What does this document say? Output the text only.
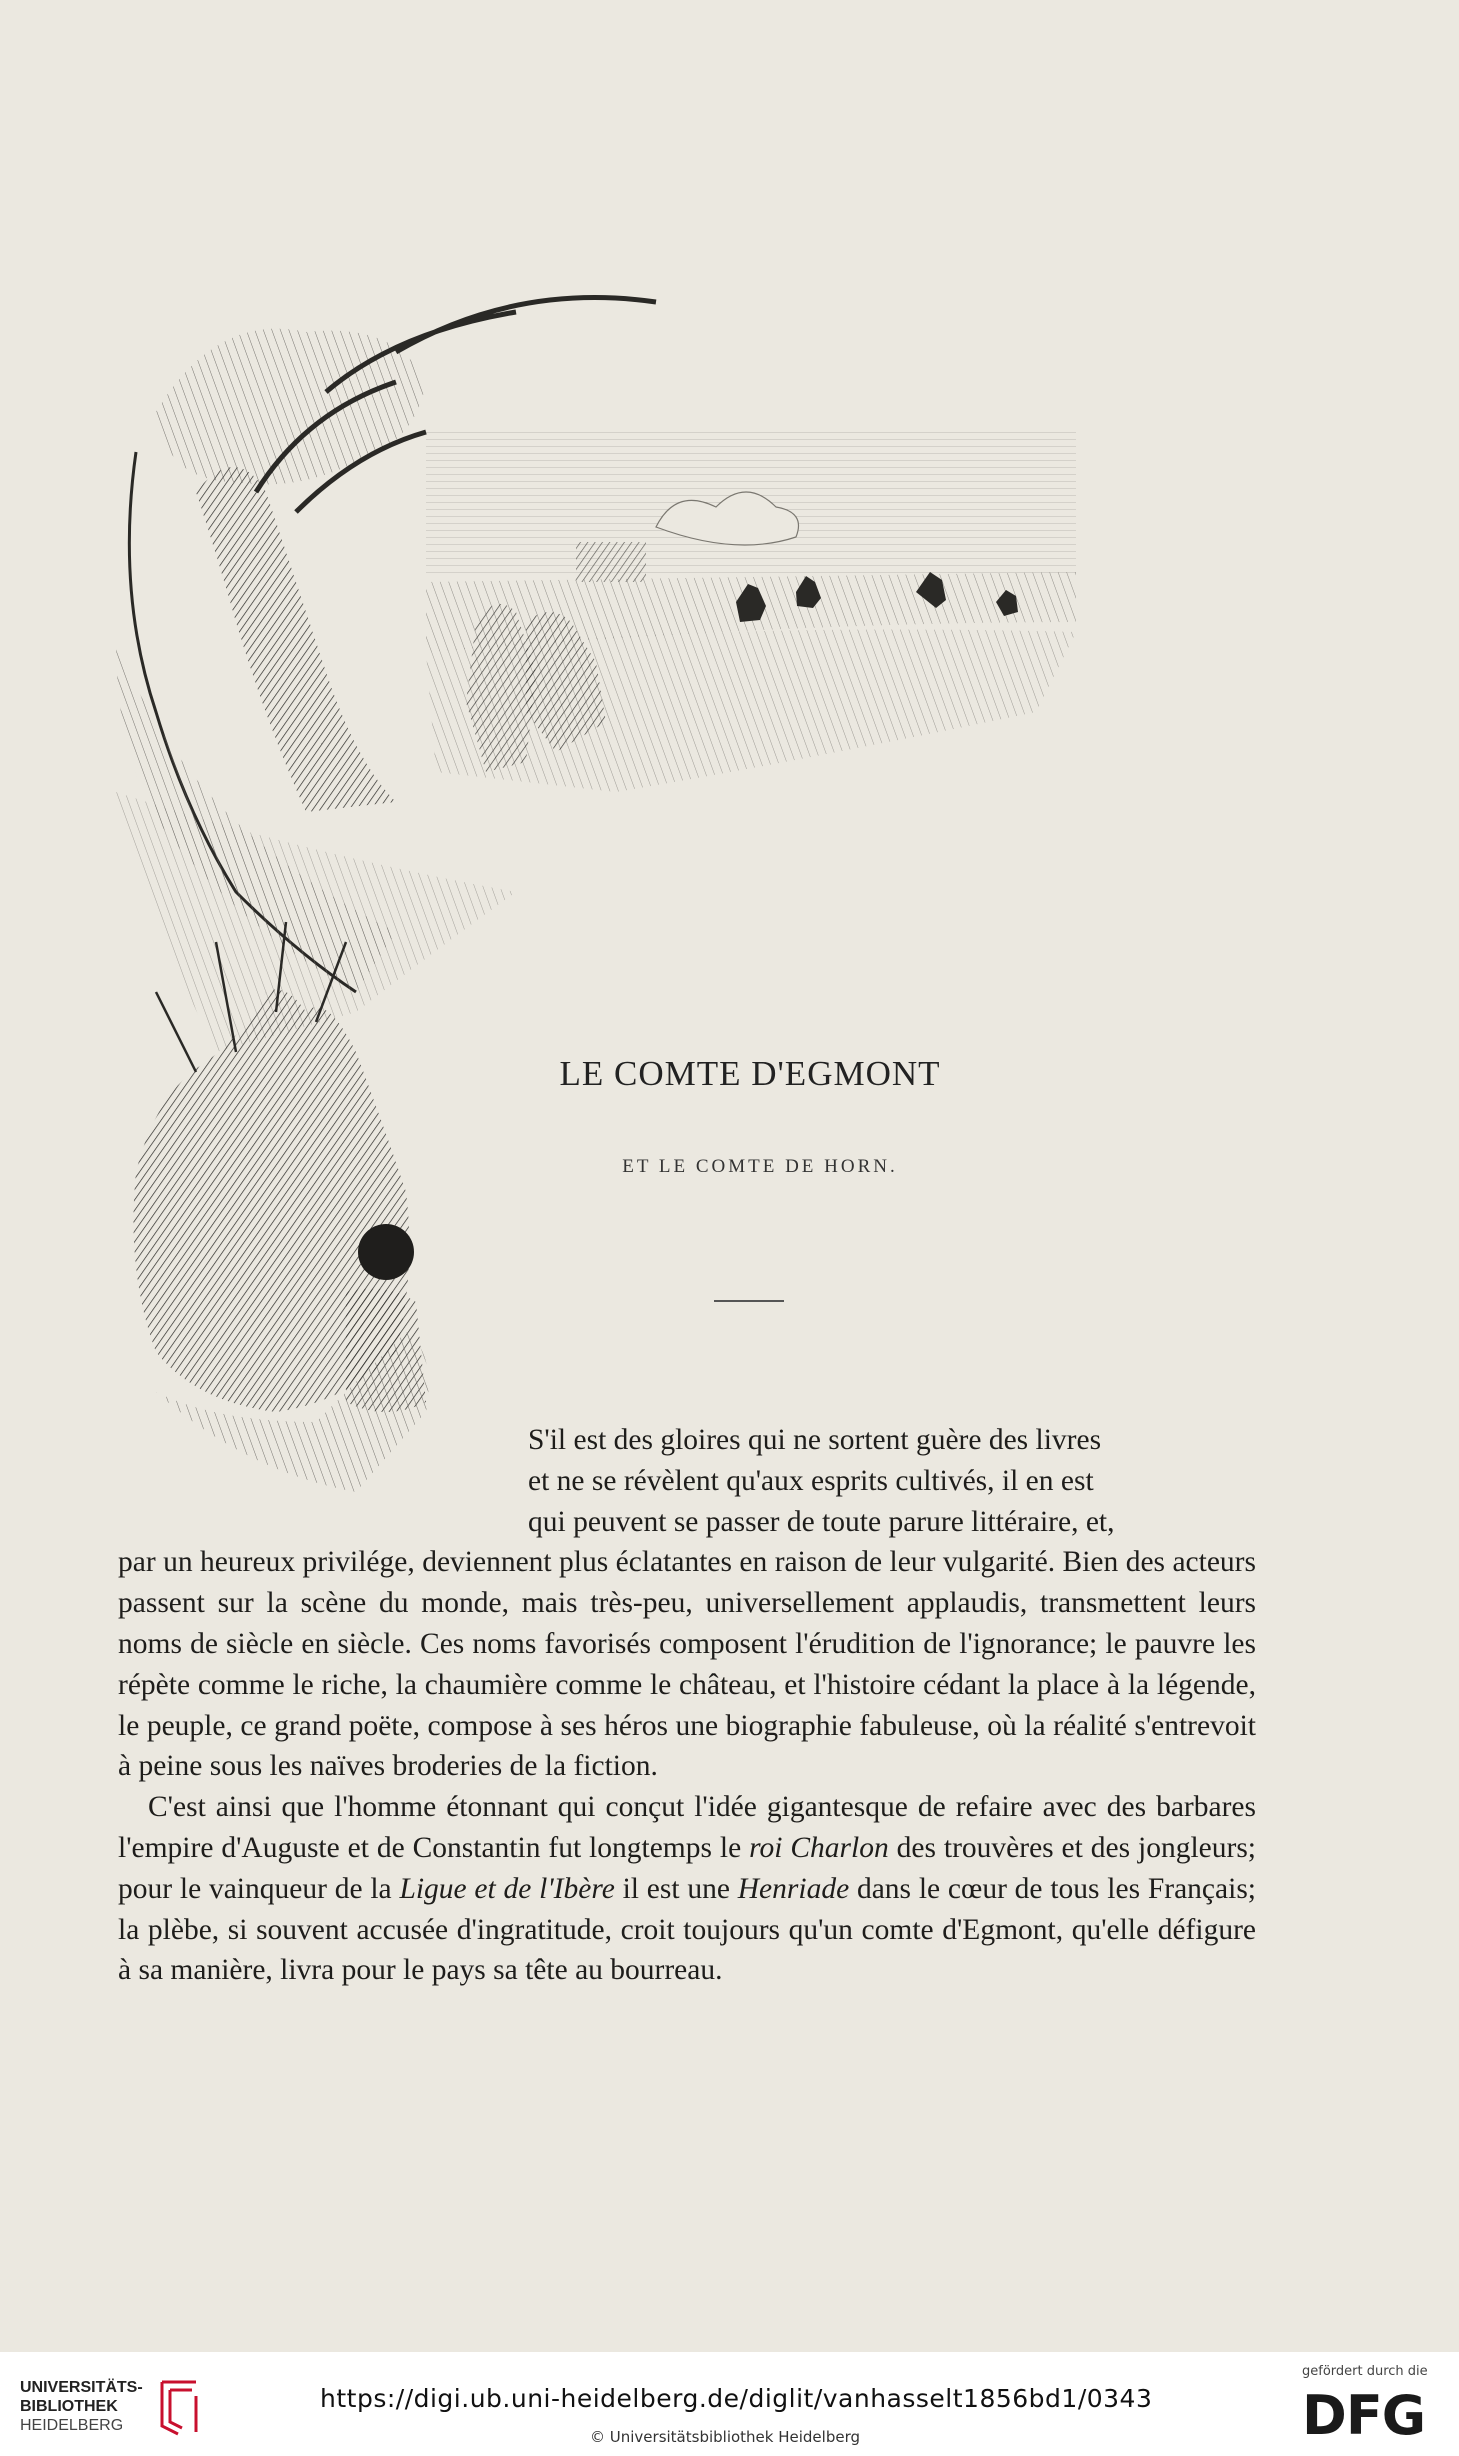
LE COMTE D'EGMONT
ET LE COMTE DE HORN.

S'il est des gloires qui ne sortent guère des livres
et ne se révèlent qu'aux esprits cultivés, il en est
qui peuvent se passer de toute parure littéraire, et,
par un heureux privilége, deviennent plus éclatantes en raison de leur vulgarité. Bien des acteurs passent sur la scène du monde, mais très-peu, universellement applaudis, transmettent leurs noms de siècle en siècle. Ces noms favorisés composent l'érudition de l'ignorance; le pauvre les répète comme le riche, la chaumière comme le château, et l'histoire cédant la place à la légende, le peuple, ce grand poëte, compose à ses héros une biographie fabuleuse, où la réalité s'entrevoit à peine sous les naïves broderies de la fiction.

C'est ainsi que l'homme étonnant qui conçut l'idée gigantesque de refaire avec des barbares l'empire d'Auguste et de Constantin fut longtemps le roi Charlon des trouvères et des jongleurs; pour le vainqueur de la Ligue et de l'Ibère il est une Henriade dans le cœur de tous les Français; la plèbe, si souvent accusée d'ingratitude, croit toujours qu'un comte d'Egmont, qu'elle défigure à sa manière, livra pour le pays sa tête au bourreau.

UNIVERSITÄTS-
BIBLIOTHEK
HEIDELBERG
https://digi.ub.uni-heidelberg.de/diglit/vanhasselt1856bd1/0343
© Universitätsbibliothek Heidelberg
gefördert durch die
DFG
